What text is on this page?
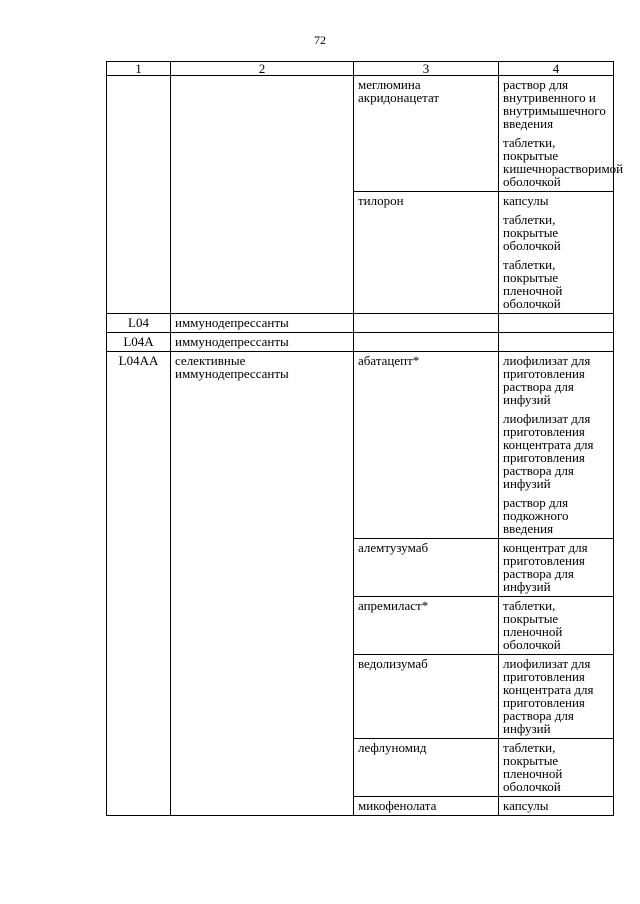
72
1	2	3	4

		меглюмина акридонацетат	раствор для внутривенного и внутримышечного введения
таблетки, покрытые кишечнорастворимой оболочкой

		тилорон	капсулы
таблетки, покрытые оболочкой
таблетки, покрытые пленочной оболочкой

L04	иммунодепрессанты		

L04A	иммунодепрессанты		

L04AA	селективные иммунодепрессанты	абатацепт*	лиофилизат для приготовления раствора для инфузий
лиофилизат для приготовления концентрата для приготовления раствора для инфузий
раствор для подкожного введения

		алемтузумаб	концентрат для приготовления раствора для инфузий

		апремиласт*	таблетки, покрытые пленочной оболочкой

		ведолизумаб	лиофилизат для приготовления концентрата для приготовления раствора для инфузий

		лефлуномид	таблетки, покрытые пленочной оболочкой

		микофенолата	капсулы
